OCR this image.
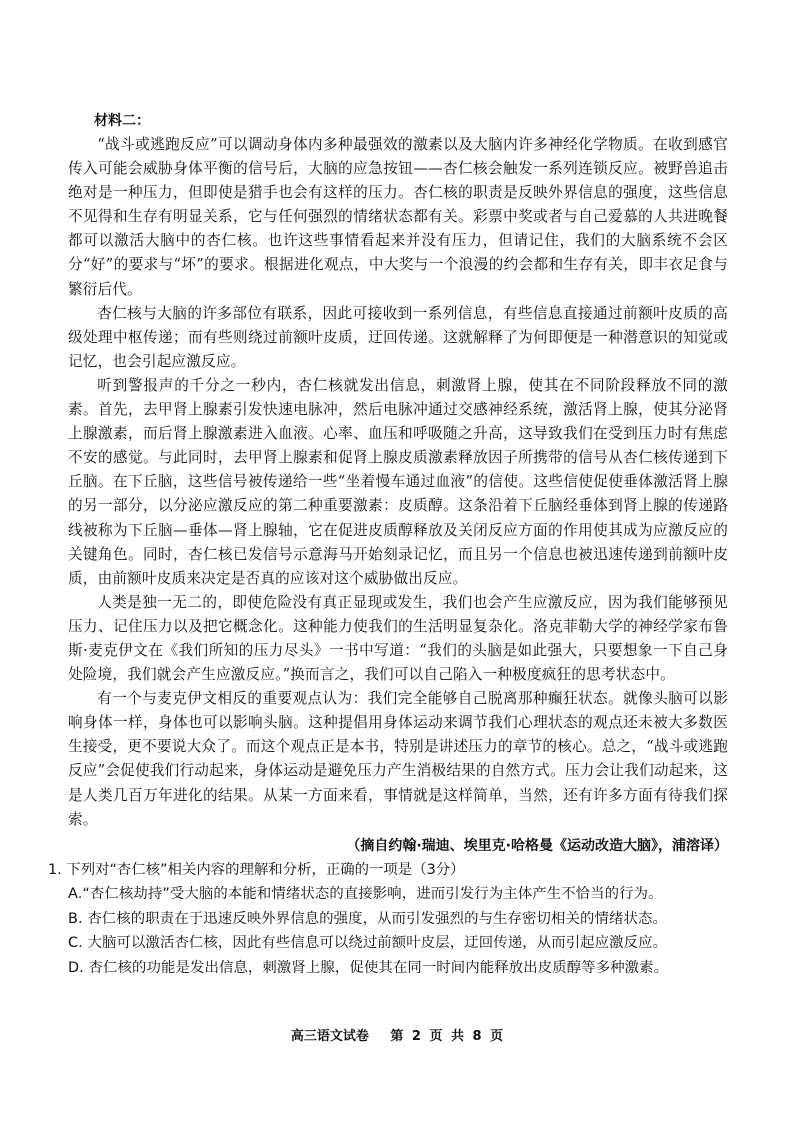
材料二：

“战斗或逃跑反应”可以调动身体内多种最强效的激素以及大脑内许多神经化学物质。在收到感官传入可能会威胁身体平衡的信号后，大脑的应急按钮——杏仁核会触发一系列连锁反应。被野兽追击绝对是一种压力，但即使是猎手也会有这样的压力。杏仁核的职责是反映外界信息的强度，这些信息不见得和生存有明显关系，它与任何强烈的情绪状态都有关。彩票中奖或者与自己爱慕的人共进晚餐都可以激活大脑中的杏仁核。也许这些事情看起来并没有压力，但请记住，我们的大脑系统不会区分“好”的要求与“坏”的要求。根据进化观点，中大奖与一个浪漫的约会都和生存有关，即丰衣足食与繁衍后代。

杏仁核与大脑的许多部位有联系，因此可接收到一系列信息，有些信息直接通过前额叶皮质的高级处理中枢传递；而有些则绕过前额叶皮质，迂回传递。这就解释了为何即便是一种潜意识的知觉或记忆，也会引起应激反应。

听到警报声的千分之一秒内，杏仁核就发出信息，刺激肾上腺，使其在不同阶段释放不同的激素。首先，去甲肾上腺素引发快速电脉冲，然后电脉冲通过交感神经系统，激活肾上腺，使其分泌肾上腺激素，而后肾上腺激素进入血液。心率、血压和呼吸随之升高，这导致我们在受到压力时有焦虑不安的感觉。与此同时，去甲肾上腺素和促肾上腺皮质激素释放因子所携带的信号从杏仁核传递到下丘脑。在下丘脑，这些信号被传递给一些“坐着慢车通过血液”的信使。这些信使促使垂体激活肾上腺的另一部分，以分泌应激反应的第二种重要激素：皮质醇。这条沿着下丘脑经垂体到肾上腺的传递路线被称为下丘脑—垂体—肾上腺轴，它在促进皮质醇释放及关闭反应方面的作用使其成为应激反应的关键角色。同时，杏仁核已发信号示意海马开始刻录记忆，而且另一个信息也被迅速传递到前额叶皮质，由前额叶皮质来决定是否真的应该对这个威胁做出反应。

人类是独一无二的，即使危险没有真正显现或发生，我们也会产生应激反应，因为我们能够预见压力、记住压力以及把它概念化。这种能力使我们的生活明显复杂化。洛克菲勒大学的神经学家布鲁斯·麦克伊文在《我们所知的压力尽头》一书中写道：“我们的头脑是如此强大，只要想象一下自己身处险境，我们就会产生应激反应。”换而言之，我们可以自己陷入一种极度疯狂的思考状态中。

有一个与麦克伊文相反的重要观点认为：我们完全能够自己脱离那种癫狂状态。就像头脑可以影响身体一样，身体也可以影响头脑。这种提倡用身体运动来调节我们心理状态的观点还未被大多数医生接受，更不要说大众了。而这个观点正是本书，特别是讲述压力的章节的核心。总之，“战斗或逃跑反应”会促使我们行动起来，身体运动是避免压力产生消极结果的自然方式。压力会让我们动起来，这是人类几百万年进化的结果。从某一方面来看，事情就是这样简单，当然，还有许多方面有待我们探索。

（摘自约翰·瑞迪、埃里克·哈格曼《运动改造大脑》，浦溶译）

1. 下列对“杏仁核”相关内容的理解和分析，正确的一项是（3分）

A.“杏仁核劫持”受大脑的本能和情绪状态的直接影响，进而引发行为主体产生不恰当的行为。
B. 杏仁核的职责在于迅速反映外界信息的强度，从而引发强烈的与生存密切相关的情绪状态。
C. 大脑可以激活杏仁核，因此有些信息可以绕过前额叶皮层，迂回传递，从而引起应激反应。
D. 杏仁核的功能是发出信息，刺激肾上腺，促使其在同一时间内能释放出皮质醇等多种激素。
高三语文试卷　 第 2 页 共 8 页
